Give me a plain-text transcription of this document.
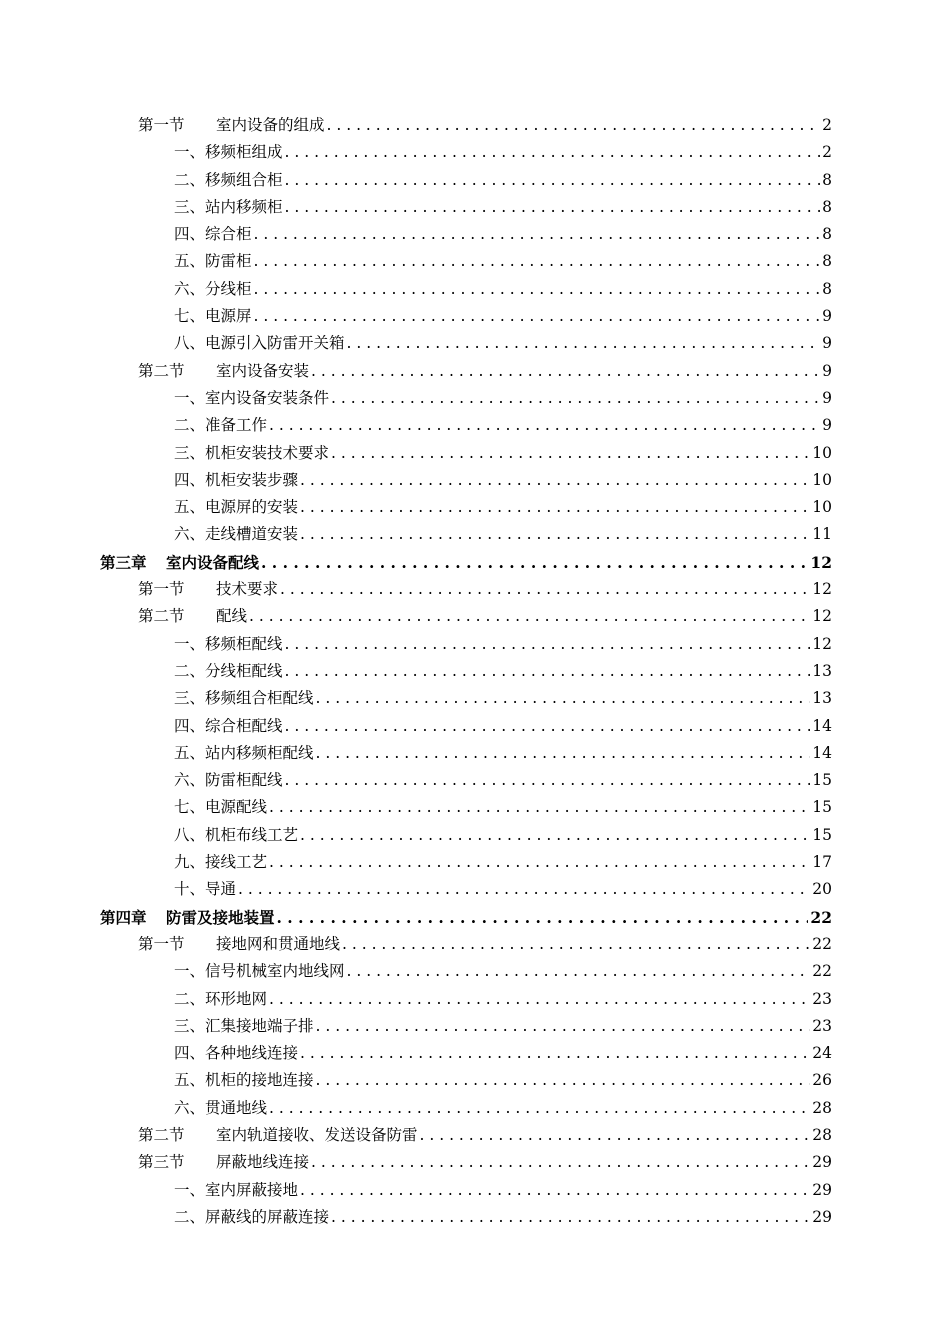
第一节	室内设备的组成 . . .	2
一、移频柜组成 . . .	2
二、移频组合柜 . . .	8
三、站内移频柜 . . .	8
四、综合柜 . . .	8
五、防雷柜 . . .	8
六、分线柜 . . .	8
七、电源屏 . . .	9
八、电源引入防雷开关箱 . . .	9
第二节	室内设备安装 . . .	9
一、室内设备安装条件 . . .	9
二、准备工作 . . .	9
三、机柜安装技术要求 . . .	10
四、机柜安装步骤 . . .	10
五、电源屏的安装 . . .	10
六、走线槽道安装 . . .	11
第三章	室内设备配线 . . .	12
第一节	技术要求 . . .	12
第二节	配线 . . .	12
一、移频柜配线 . . .	12
二、分线柜配线 . . .	13
三、移频组合柜配线 . . .	13
四、综合柜配线 . . .	14
五、站内移频柜配线 . . .	14
六、防雷柜配线 . . .	15
七、电源配线 . . .	15
八、机柜布线工艺 . . .	15
九、接线工艺 . . .	17
十、导通 . . .	20
第四章	防雷及接地装置 . . .	22
第一节	接地网和贯通地线 . . .	22
一、信号机械室内地线网 . . .	22
二、环形地网 . . .	23
三、汇集接地端子排 . . .	23
四、各种地线连接 . . .	24
五、机柜的接地连接 . . .	26
六、贯通地线 . . .	28
第二节	室内轨道接收、发送设备防雷 . . .	28
第三节	屏蔽地线连接 . . .	29
一、室内屏蔽接地 . . .	29
二、屏蔽线的屏蔽连接 . . .	29
